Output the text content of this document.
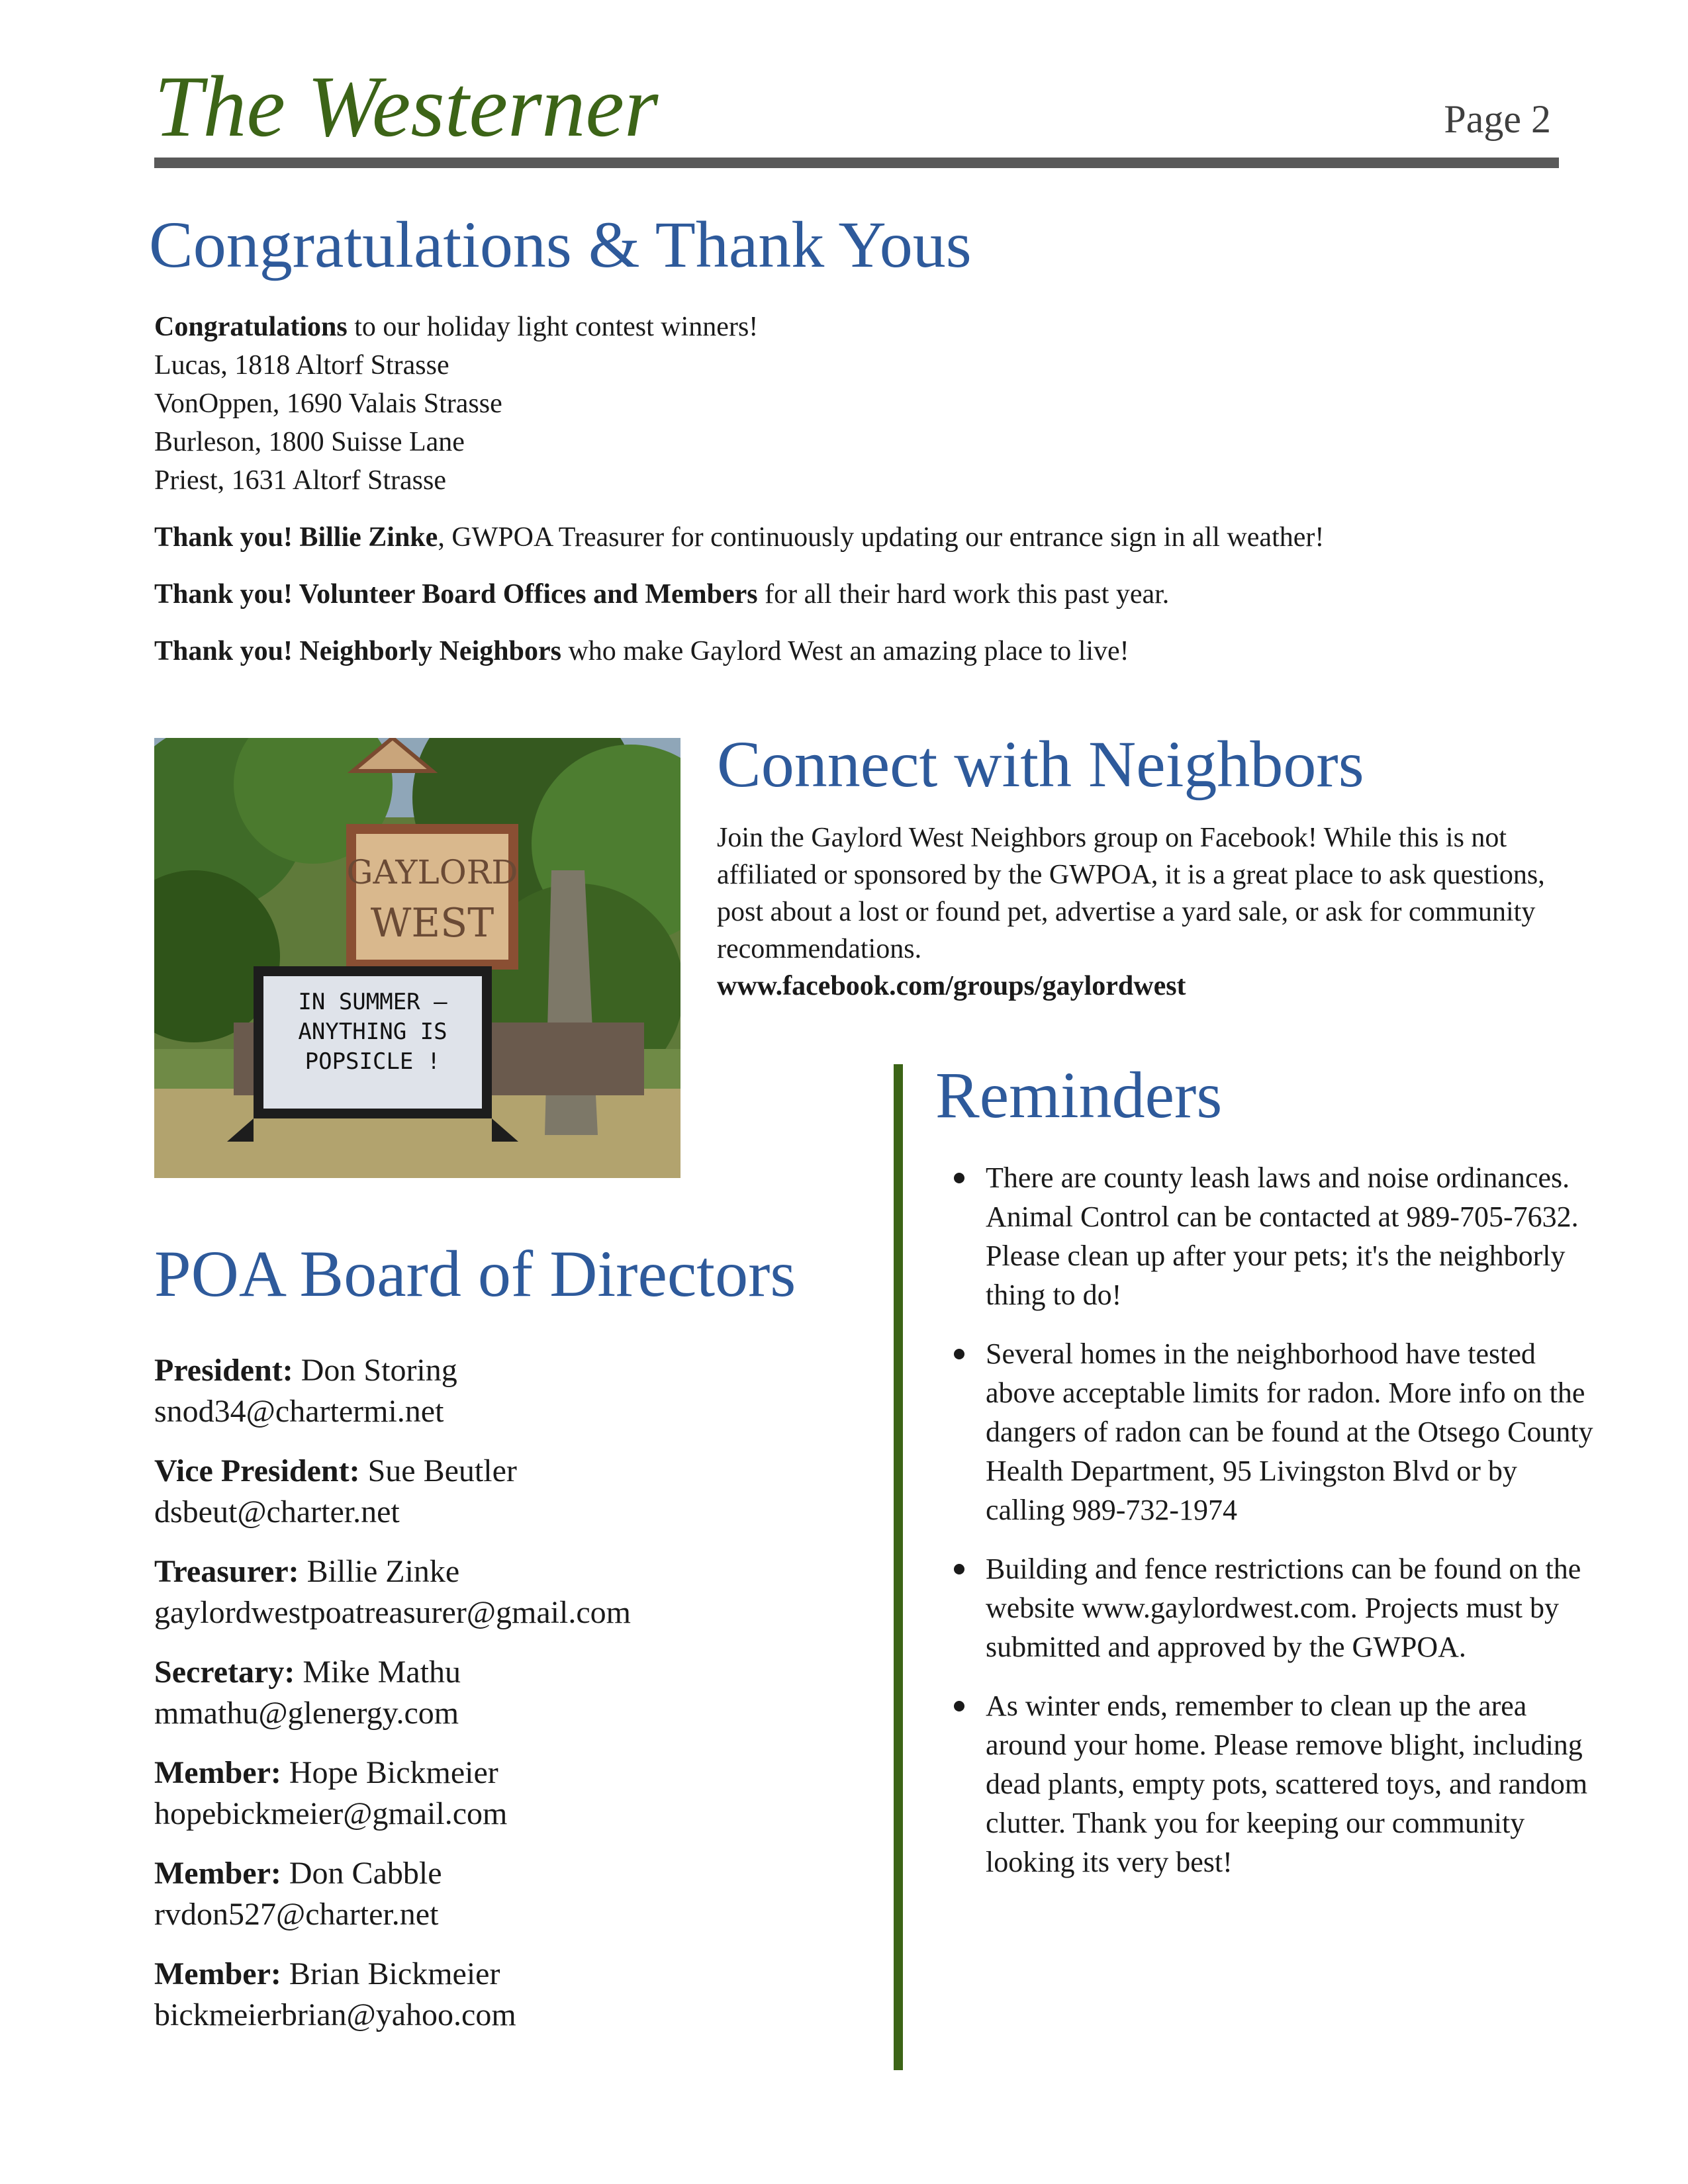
The Westerner	Page 2
Congratulations & Thank Yous
Congratulations to our holiday light contest winners!
Lucas, 1818 Altorf Strasse
VonOppen, 1690 Valais Strasse
Burleson, 1800 Suisse Lane
Priest, 1631 Altorf Strasse
Thank you! Billie Zinke, GWPOA Treasurer for continuously updating our entrance sign in all weather!
Thank you! Volunteer Board Offices and Members for all their hard work this past year.
Thank you! Neighborly Neighbors who make Gaylord West an amazing place to live!
GAYLORD
WEST
IN SUMMER –
ANYTHING IS
POPSICLE !
Connect with Neighbors
Join the Gaylord West Neighbors group on Facebook! While this is not affiliated or sponsored by the GWPOA, it is a great place to ask questions, post about a lost or found pet, advertise a yard sale, or ask for community recommendations.
www.facebook.com/groups/gaylordwest
POA Board of Directors
President: Don Storing
snod34@chartermi.net
Vice President: Sue Beutler
dsbeut@charter.net
Treasurer: Billie Zinke
gaylordwestpoatreasurer@gmail.com
Secretary: Mike Mathu
mmathu@glenergy.com
Member: Hope Bickmeier
hopebickmeier@gmail.com
Member: Don Cabble
rvdon527@charter.net
Member: Brian Bickmeier
bickmeierbrian@yahoo.com
Reminders
There are county leash laws and noise ordinances. Animal Control can be contacted at 989-705-7632. Please clean up after your pets; it's the neighborly thing to do!
Several homes in the neighborhood have tested above acceptable limits for radon. More info on the dangers of radon can be found at the Otsego County Health Department, 95 Livingston Blvd or by calling 989-732-1974
Building and fence restrictions can be found on the website www.gaylordwest.com. Projects must by submitted and approved by the GWPOA.
As winter ends, remember to clean up the area around your home. Please remove blight, including dead plants, empty pots, scattered toys, and random clutter. Thank you for keeping our community looking its very best!
